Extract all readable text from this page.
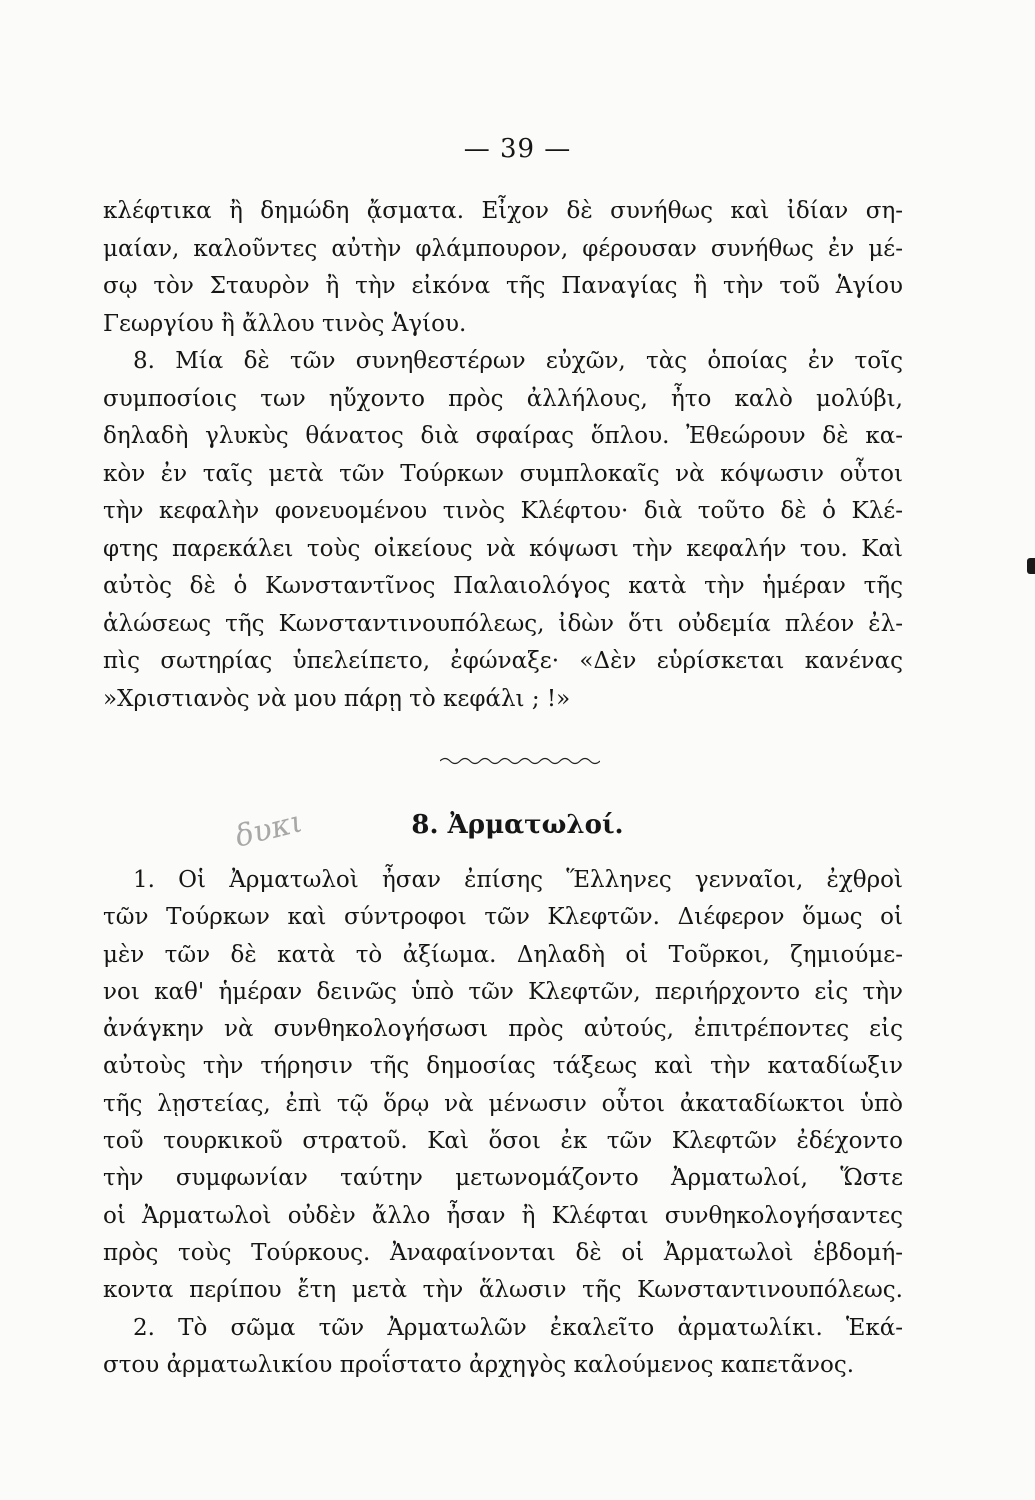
— 39 —
κλέφτικα ἢ δημώδη ᾄσματα. Εἶχον δὲ συνήθως καὶ ἰδίαν ση-
μαίαν, καλοῦντες αὐτὴν φλάμπουρον, φέρουσαν συνήθως ἐν μέ-
σῳ τὸν Σταυρὸν ἢ τὴν εἰκόνα τῆς Παναγίας ἢ τὴν τοῦ Ἁγίου
Γεωργίου ἢ ἄλλου τινὸς Ἁγίου.
8. Μία δὲ τῶν συνηθεστέρων εὐχῶν, τὰς ὁποίας ἐν τοῖς
συμποσίοις των ηὔχοντο πρὸς ἀλλήλους, ἦτο καλὸ μολύβι,
δηλαδὴ γλυκὺς θάνατος διὰ σφαίρας ὅπλου. Ἐθεώρουν δὲ κα-
κὸν ἐν ταῖς μετὰ τῶν Τούρκων συμπλοκαῖς νὰ κόψωσιν οὗτοι
τὴν κεφαλὴν φονευομένου τινὸς Κλέφτου· διὰ τοῦτο δὲ ὁ Κλέ-
φτης παρεκάλει τοὺς οἰκείους νὰ κόψωσι τὴν κεφαλήν του. Καὶ
αὐτὸς δὲ ὁ Κωνσταντῖνος Παλαιολόγος κατὰ τὴν ἡμέραν τῆς
ἁλώσεως τῆς Κωνσταντινουπόλεως, ἰδὼν ὅτι οὐδεμία πλέον ἐλ-
πὶς σωτηρίας ὑπελείπετο, ἐφώναξε· «Δὲν εὑρίσκεται κανένας
»Χριστιανὸς νὰ μου πάρῃ τὸ κεφάλι ; !»
δυκι	8. Ἀρματωλοί.
1. Οἱ Ἀρματωλοὶ ἦσαν ἐπίσης Ἕλληνες γενναῖοι, ἐχθροὶ
τῶν Τούρκων καὶ σύντροφοι τῶν Κλεφτῶν. Διέφερον ὅμως οἱ
μὲν τῶν δὲ κατὰ τὸ ἀξίωμα. Δηλαδὴ οἱ Τοῦρκοι, ζημιούμε-
νοι καθ' ἡμέραν δεινῶς ὑπὸ τῶν Κλεφτῶν, περιήρχοντο εἰς τὴν
ἀνάγκην νὰ συνθηκολογήσωσι πρὸς αὐτούς, ἐπιτρέποντες εἰς
αὐτοὺς τὴν τήρησιν τῆς δημοσίας τάξεως καὶ τὴν καταδίωξιν
τῆς λῃστείας, ἐπὶ τῷ ὅρῳ νὰ μένωσιν οὗτοι ἀκαταδίωκτοι ὑπὸ
τοῦ τουρκικοῦ στρατοῦ. Καὶ ὅσοι ἐκ τῶν Κλεφτῶν ἐδέχοντο
τὴν συμφωνίαν ταύτην μετωνομάζοντο Ἀρματωλοί, Ὥστε
οἱ Ἀρματωλοὶ οὐδὲν ἄλλο ἦσαν ἢ Κλέφται συνθηκολογήσαντες
πρὸς τοὺς Τούρκους. Ἀναφαίνονται δὲ οἱ Ἀρματωλοὶ ἑβδομή-
κοντα περίπου ἔτη μετὰ τὴν ἅλωσιν τῆς Κωνσταντινουπόλεως.
2. Τὸ σῶμα τῶν Ἀρματωλῶν ἐκαλεῖτο ἀρματωλίκι. Ἑκά-
στου ἀρματωλικίου προΐστατο ἀρχηγὸς καλούμενος καπετᾶνος.
